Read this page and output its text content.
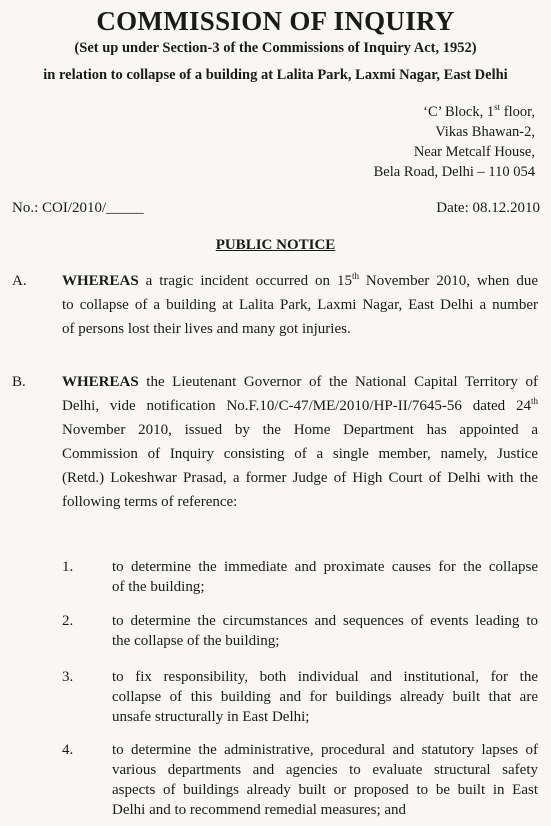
COMMISSION OF INQUIRY
(Set up under Section-3 of the Commissions of Inquiry Act, 1952)
in relation to collapse of a building at Lalita Park, Laxmi Nagar, East Delhi
‘C’ Block, 1st floor,
Vikas Bhawan-2,
Near Metcalf House,
Bela Road, Delhi – 110 054
No.: COI/2010/_____	Date: 08.12.2010
PUBLIC NOTICE
A. WHEREAS a tragic incident occurred on 15th November 2010, when due
to collapse of a building at Lalita Park, Laxmi Nagar, East Delhi a number
of persons lost their lives and many got injuries.
B. WHEREAS the Lieutenant Governor of the National Capital Territory of
Delhi, vide notification No.F.10/C-47/ME/2010/HP-II/7645-56 dated 24th
November 2010, issued by the Home Department has appointed a
Commission of Inquiry consisting of a single member, namely, Justice
(Retd.) Lokeshwar Prasad, a former Judge of High Court of Delhi with the
following terms of reference:
1.	to determine the immediate and proximate causes for the collapse
of the building;
2.	to determine the circumstances and sequences of events leading to
the collapse of the building;
3.	to fix responsibility, both individual and institutional, for the
collapse of this building and for buildings already built that are
unsafe structurally in East Delhi;
4.	to determine the administrative, procedural and statutory lapses of
various departments and agencies to evaluate structural safety
aspects of buildings already built or proposed to be built in East
Delhi and to recommend remedial measures; and
